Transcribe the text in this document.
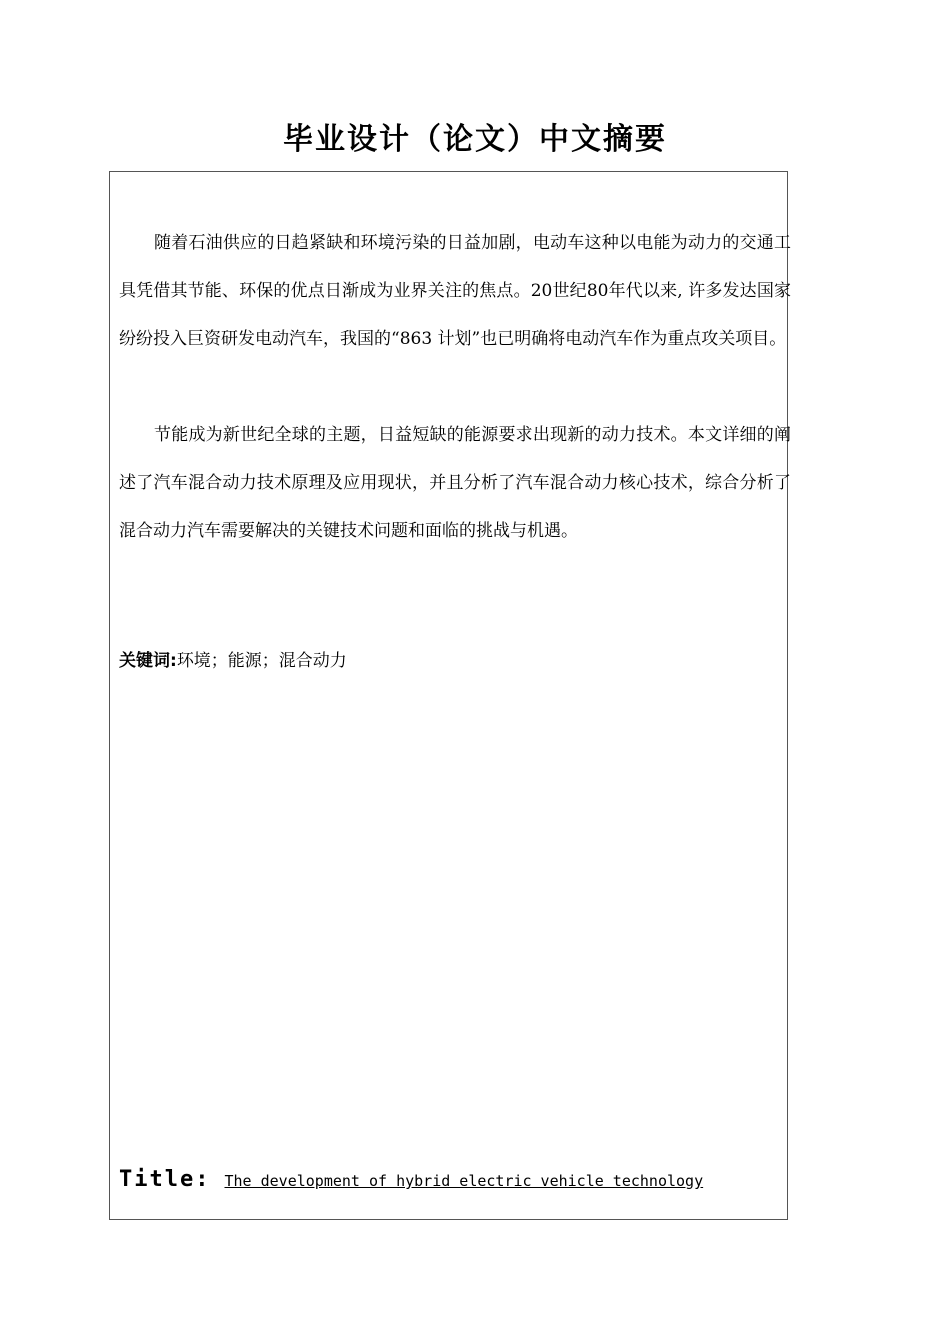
毕业设计（论文）中文摘要

随着石油供应的日趋紧缺和环境污染的日益加剧，电动车这种以电能为动力的交通工具凭借其节能、环保的优点日渐成为业界关注的焦点。20世纪80年代以来, 许多发达国家纷纷投入巨资研发电动汽车，我国的“863 计划”也已明确将电动汽车作为重点攻关项目。

节能成为新世纪全球的主题，日益短缺的能源要求出现新的动力技术。本文详细的阐述了汽车混合动力技术原理及应用现状，并且分析了汽车混合动力核心技术，综合分析了混合动力汽车需要解决的关键技术问题和面临的挑战与机遇。

关键词:环境；能源；混合动力
Title: The development of hybrid electric vehicle technology
